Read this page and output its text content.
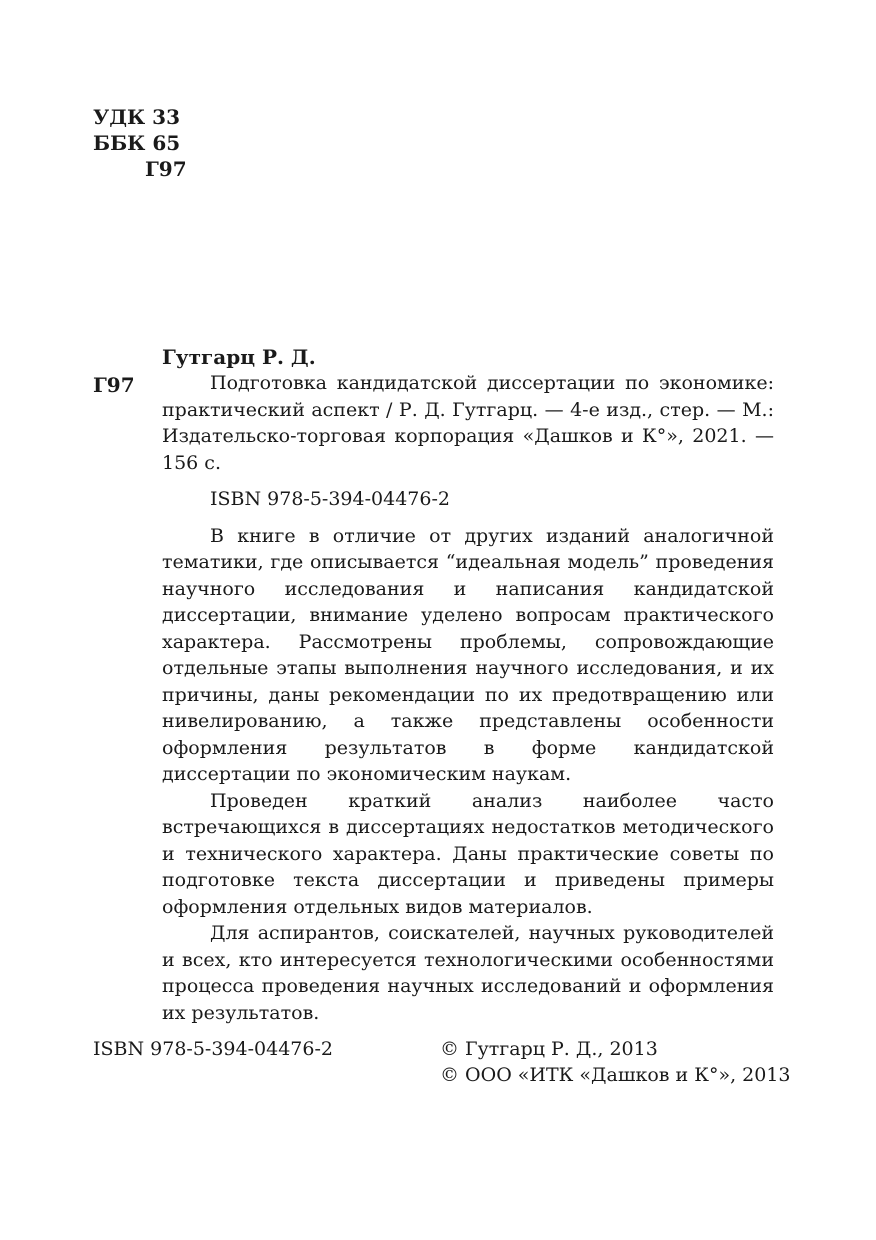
УДК 33
ББК 65
Г97
Гутгарц Р. Д.
Г97	Подготовка кандидатской диссертации по экономике: практический аспект / Р. Д. Гутгарц. — 4-е изд., стер. — М.: Издательско-торговая корпорация «Дашков и К°», 2021. — 156 с.

ISBN 978-5-394-04476-2

В книге в отличие от других изданий аналогичной тематики, где описывается “идеальная модель” проведения научного исследования и написания кандидатской диссертации, внимание уделено вопросам практического характера. Рассмотрены проблемы, сопровождающие отдельные этапы выполнения научного исследования, и их причины, даны рекомендации по их предотвращению или нивелированию, а также представлены особенности оформления результатов в форме кандидатской диссертации по экономическим наукам.

Проведен краткий анализ наиболее часто встречающихся в диссертациях недостатков методического и технического характера. Даны практические советы по подготовке текста диссертации и приведены примеры оформления отдельных видов материалов.

Для аспирантов, соискателей, научных руководителей и всех, кто интересуется технологическими особенностями процесса проведения научных исследований и оформления их результатов.

ISBN 978-5-394-04476-2	© Гутгарц Р. Д., 2013
© ООО «ИТК «Дашков и К°», 2013
